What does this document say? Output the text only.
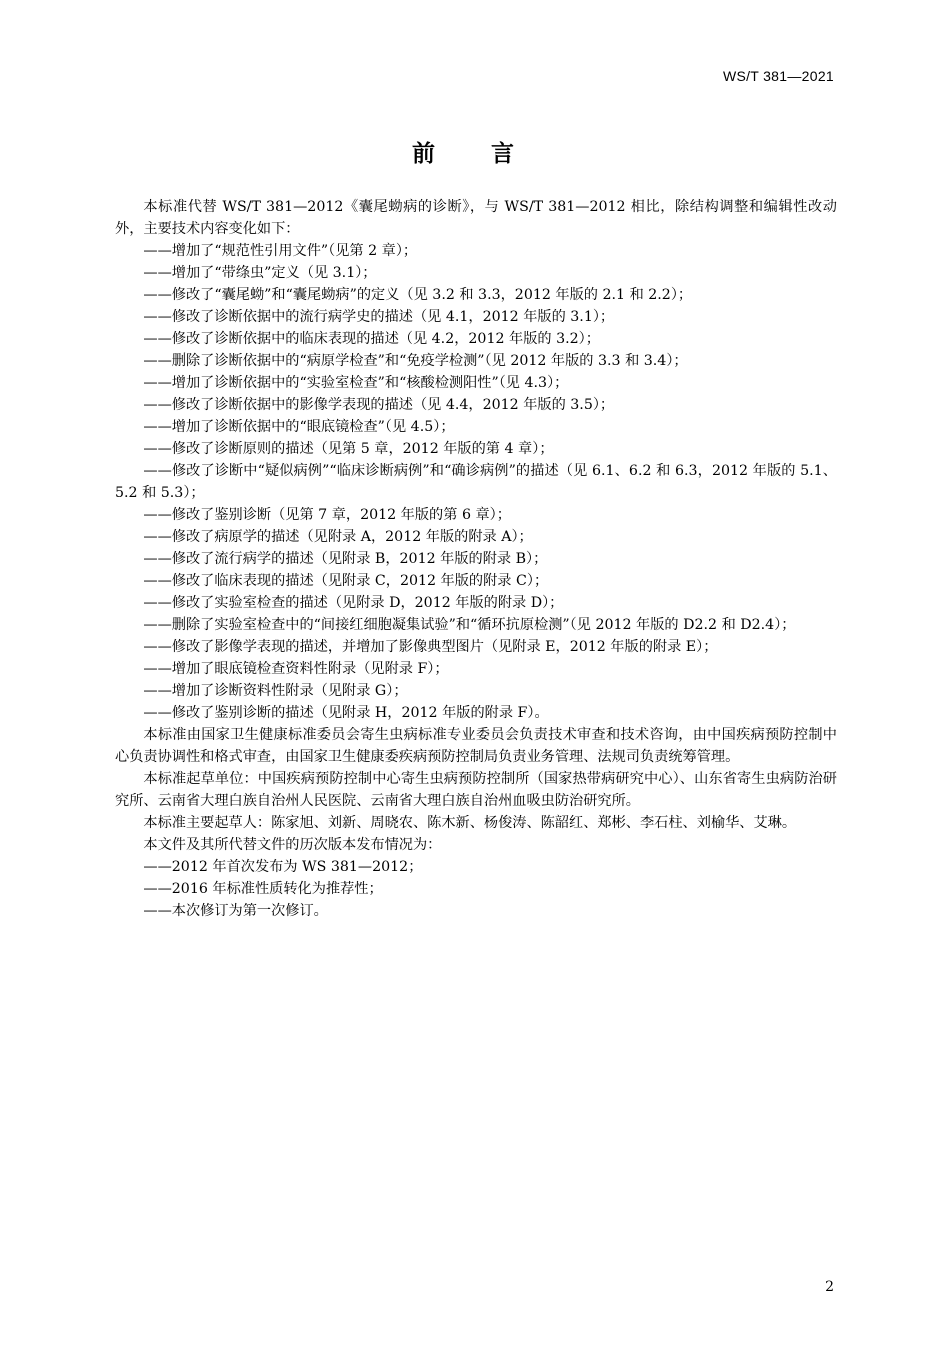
WS/T 381—2021
前 言

本标准代替 WS/T 381—2012《囊尾蚴病的诊断》，与 WS/T 381—2012 相比，除结构调整和编辑性改动外，主要技术内容变化如下：

——增加了“规范性引用文件”（见第 2 章）；

——增加了“带绦虫”定义（见 3.1）；

——修改了“囊尾蚴”和“囊尾蚴病”的定义（见 3.2 和 3.3，2012 年版的 2.1 和 2.2）；

——修改了诊断依据中的流行病学史的描述（见 4.1，2012 年版的 3.1）；

——修改了诊断依据中的临床表现的描述（见 4.2，2012 年版的 3.2）；

——删除了诊断依据中的“病原学检查”和“免疫学检测”（见 2012 年版的 3.3 和 3.4）；

——增加了诊断依据中的“实验室检查”和“核酸检测阳性”（见 4.3）；

——修改了诊断依据中的影像学表现的描述（见 4.4，2012 年版的 3.5）；

——增加了诊断依据中的“眼底镜检查”（见 4.5）；

——修改了诊断原则的描述（见第 5 章，2012 年版的第 4 章）；

——修改了诊断中“疑似病例”“临床诊断病例”和“确诊病例”的描述（见 6.1、6.2 和 6.3，2012 年版的 5.1、5.2 和 5.3）；

——修改了鉴别诊断（见第 7 章，2012 年版的第 6 章）；

——修改了病原学的描述（见附录 A，2012 年版的附录 A）；

——修改了流行病学的描述（见附录 B，2012 年版的附录 B）；

——修改了临床表现的描述（见附录 C，2012 年版的附录 C）；

——修改了实验室检查的描述（见附录 D，2012 年版的附录 D）；

——删除了实验室检查中的“间接红细胞凝集试验”和“循环抗原检测”（见 2012 年版的 D2.2 和 D2.4）；

——修改了影像学表现的描述，并增加了影像典型图片（见附录 E，2012 年版的附录 E）；

——增加了眼底镜检查资料性附录（见附录 F）；

——增加了诊断资料性附录（见附录 G）；

——修改了鉴别诊断的描述（见附录 H，2012 年版的附录 F）。

本标准由国家卫生健康标准委员会寄生虫病标准专业委员会负责技术审查和技术咨询，由中国疾病预防控制中心负责协调性和格式审查，由国家卫生健康委疾病预防控制局负责业务管理、法规司负责统筹管理。

本标准起草单位：中国疾病预防控制中心寄生虫病预防控制所（国家热带病研究中心）、山东省寄生虫病防治研究所、云南省大理白族自治州人民医院、云南省大理白族自治州血吸虫防治研究所。

本标准主要起草人：陈家旭、刘新、周晓农、陈木新、杨俊涛、陈韶红、郑彬、李石柱、刘榆华、艾琳。

本文件及其所代替文件的历次版本发布情况为：

——2012 年首次发布为 WS 381—2012；

——2016 年标准性质转化为推荐性；

——本次修订为第一次修订。

2
